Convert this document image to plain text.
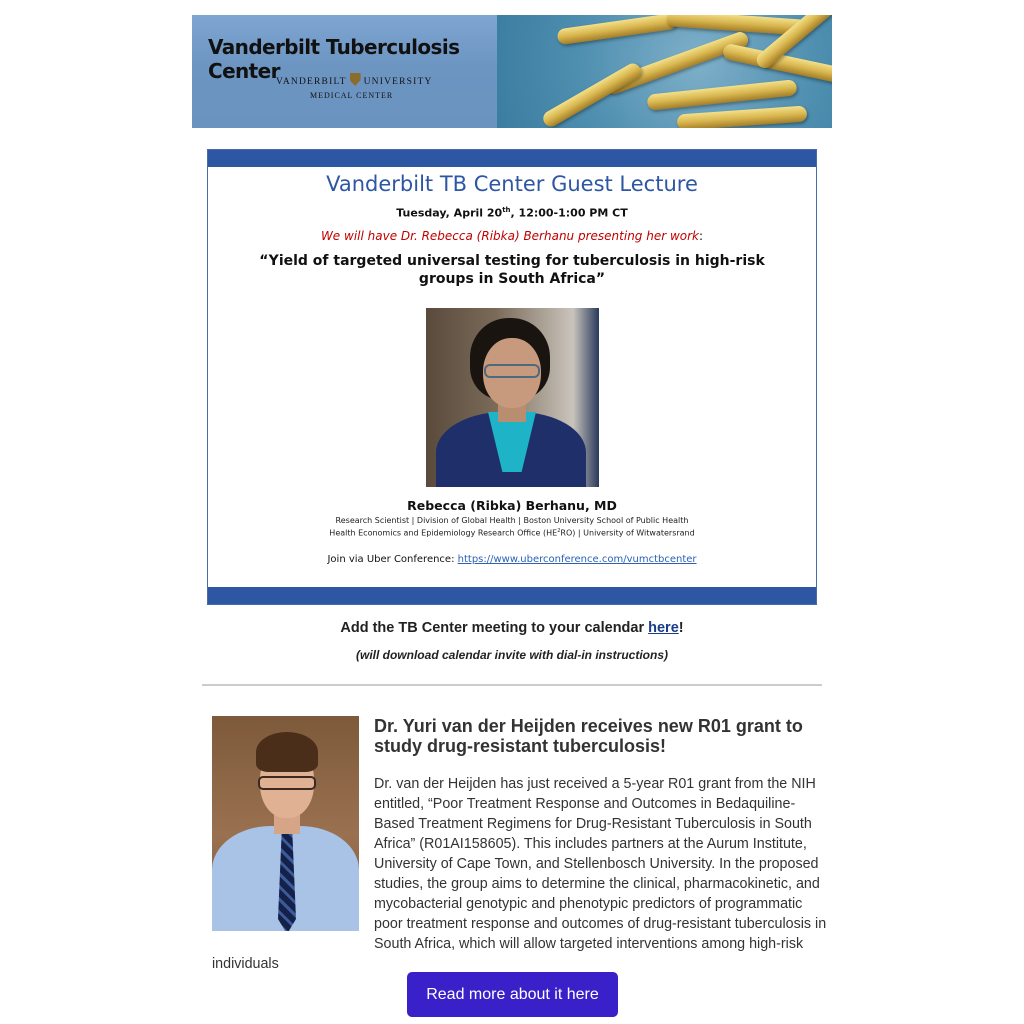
Vanderbilt Tuberculosis Center
VANDERBILT UNIVERSITY
MEDICAL CENTER
Vanderbilt TB Center Guest Lecture
Tuesday, April 20th, 12:00-1:00 PM CT
We will have Dr. Rebecca (Ribka) Berhanu presenting her work:
“Yield of targeted universal testing for tuberculosis in high-risk groups in South Africa”
Rebecca (Ribka) Berhanu, MD
Research Scientist | Division of Global Health | Boston University School of Public Health
Health Economics and Epidemiology Research Office $(HE^2RO)$ | University of Witwatersrand
Join via Uber Conference: https://www.uberconference.com/vumctbcenter
Add the TB Center meeting to your calendar here!
(will download calendar invite with dial-in instructions)
Dr. Yuri van der Heijden receives new R01 grant to study drug-resistant tuberculosis!

Dr. van der Heijden has just received a 5-year R01 grant from the NIH entitled, “Poor Treatment Response and Outcomes in Bedaquiline-Based Treatment Regimens for Drug-Resistant Tuberculosis in South Africa” (R01AI158605). This includes partners at the Aurum Institute, University of Cape Town, and Stellenbosch University. In the proposed studies, the group aims to determine the clinical, pharmacokinetic, and mycobacterial genotypic and phenotypic predictors of programmatic poor treatment response and outcomes of drug-resistant tuberculosis in South Africa, which will allow targeted interventions among high-risk individuals

Read more about it here
